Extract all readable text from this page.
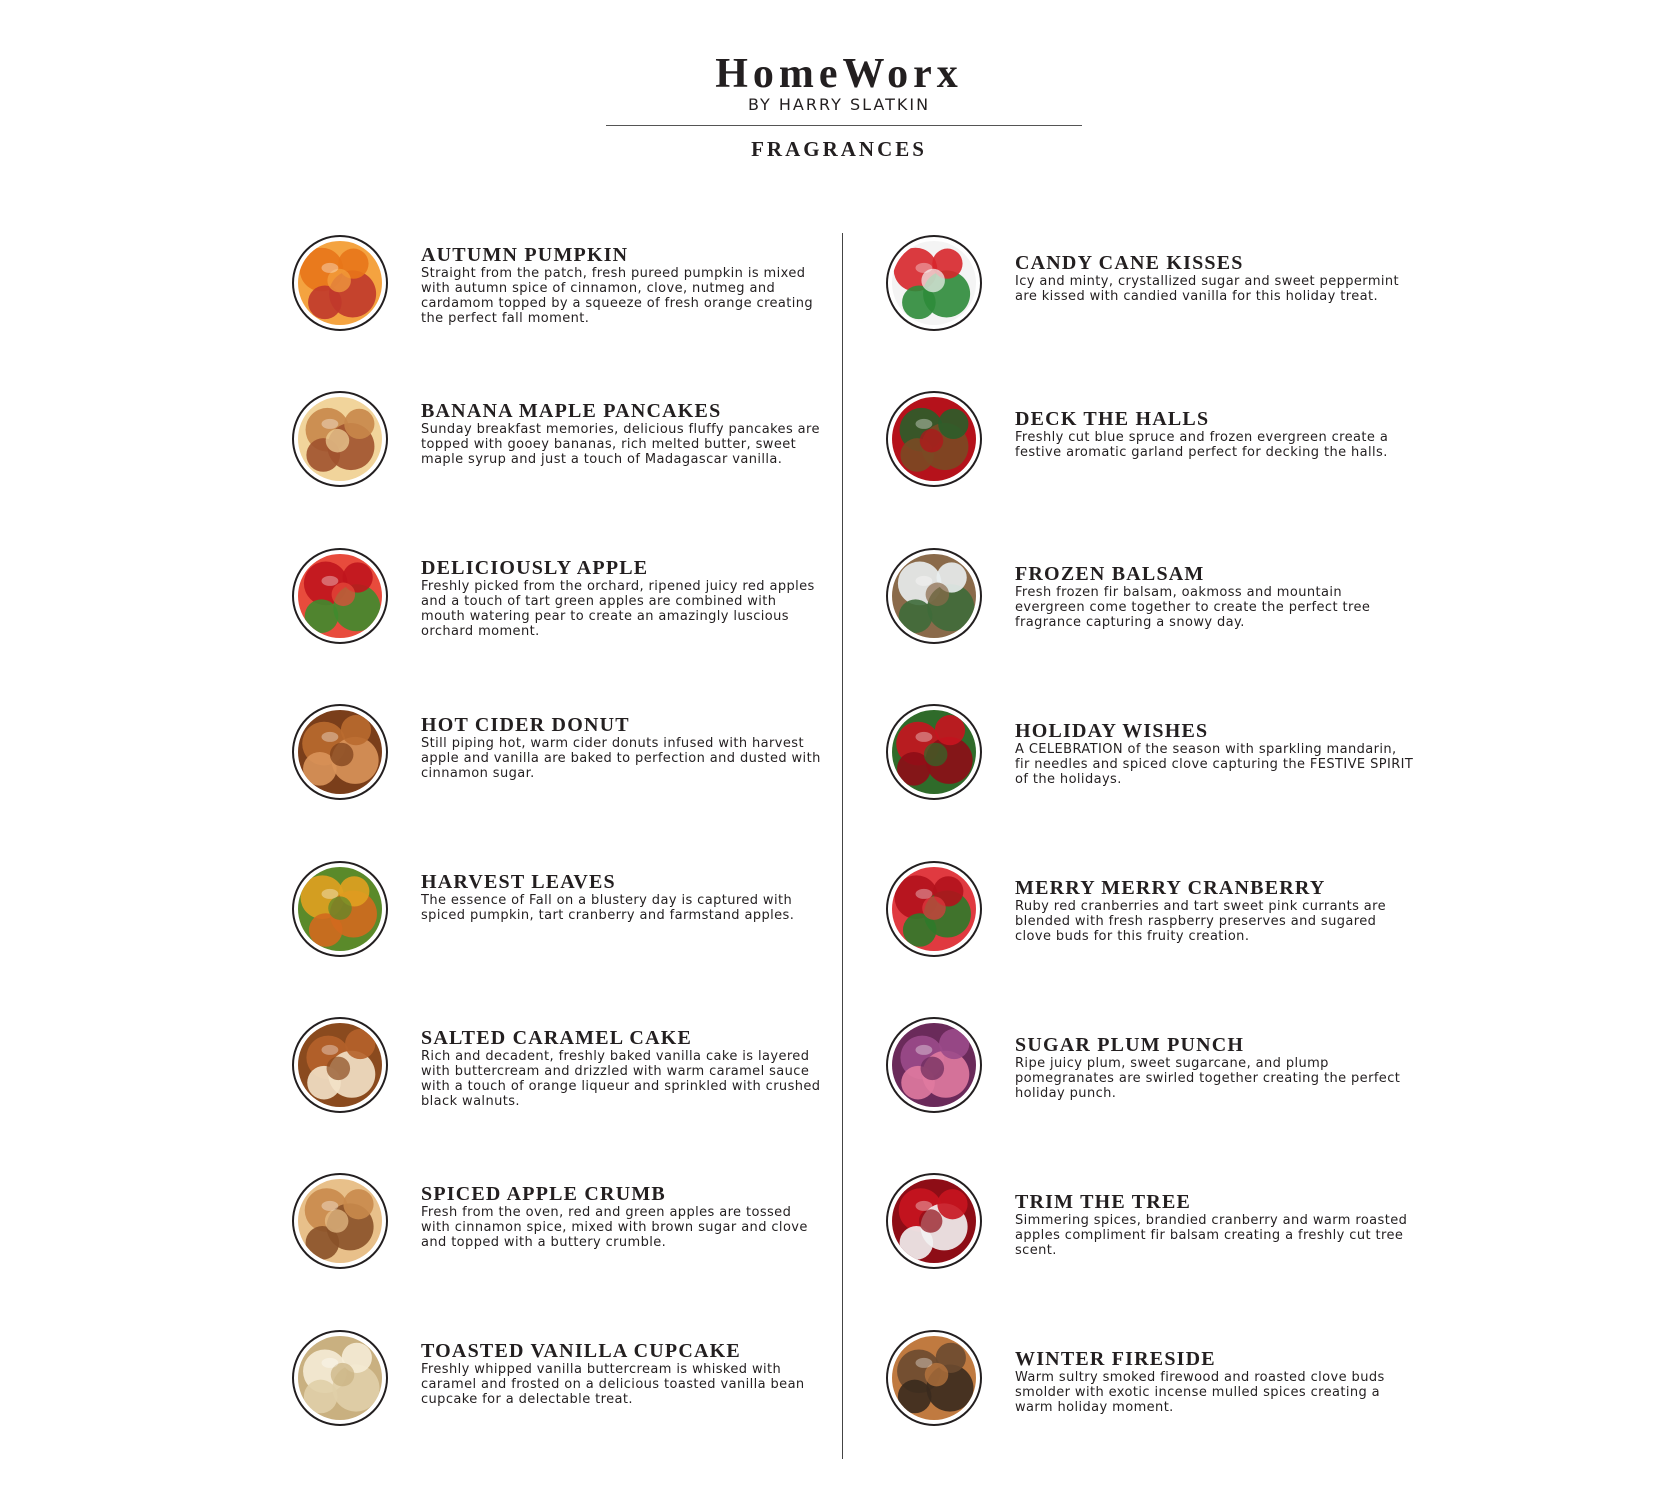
HomeWorx
BY HARRY SLATKIN
FRAGRANCES
AUTUMN PUMPKIN
Straight from the patch, fresh pureed pumpkin is mixed with autumn spice of cinnamon, clove, nutmeg and cardamom topped by a squeeze of fresh orange creating the perfect fall moment.
BANANA MAPLE PANCAKES
Sunday breakfast memories, delicious fluffy pancakes are topped with gooey bananas, rich melted butter, sweet maple syrup and just a touch of Madagascar vanilla.
DELICIOUSLY APPLE
Freshly picked from the orchard, ripened juicy red apples and a touch of tart green apples are combined with mouth watering pear to create an amazingly luscious orchard moment.
HOT CIDER DONUT
Still piping hot, warm cider donuts infused with harvest apple and vanilla are baked to perfection and dusted with cinnamon sugar.
HARVEST LEAVES
The essence of Fall on a blustery day is captured with spiced pumpkin, tart cranberry and farmstand apples.
SALTED CARAMEL CAKE
Rich and decadent, freshly baked vanilla cake is layered with buttercream and drizzled with warm caramel sauce with a touch of orange liqueur and sprinkled with crushed black walnuts.
SPICED APPLE CRUMB
Fresh from the oven, red and green apples are tossed with cinnamon spice, mixed with brown sugar and clove and topped with a buttery crumble.
TOASTED VANILLA CUPCAKE
Freshly whipped vanilla buttercream is whisked with caramel and frosted on a delicious toasted vanilla bean cupcake for a delectable treat.
CANDY CANE KISSES
Icy and minty, crystallized sugar and sweet peppermint are kissed with candied vanilla for this holiday treat.
DECK THE HALLS
Freshly cut blue spruce and frozen evergreen create a festive aromatic garland perfect for decking the halls.
FROZEN BALSAM
Fresh frozen fir balsam, oakmoss and mountain evergreen come together to create the perfect tree fragrance capturing a snowy day.
HOLIDAY WISHES
A CELEBRATION of the season with sparkling mandarin, fir needles and spiced clove capturing the FESTIVE SPIRIT of the holidays.
MERRY MERRY CRANBERRY
Ruby red cranberries and tart sweet pink currants are blended with fresh raspberry preserves and sugared clove buds for this fruity creation.
SUGAR PLUM PUNCH
Ripe juicy plum, sweet sugarcane, and plump pomegranates are swirled together creating the perfect holiday punch.
TRIM THE TREE
Simmering spices, brandied cranberry and warm roasted apples compliment fir balsam creating a freshly cut tree scent.
WINTER FIRESIDE
Warm sultry smoked firewood and roasted clove buds smolder with exotic incense mulled spices creating a warm holiday moment.
